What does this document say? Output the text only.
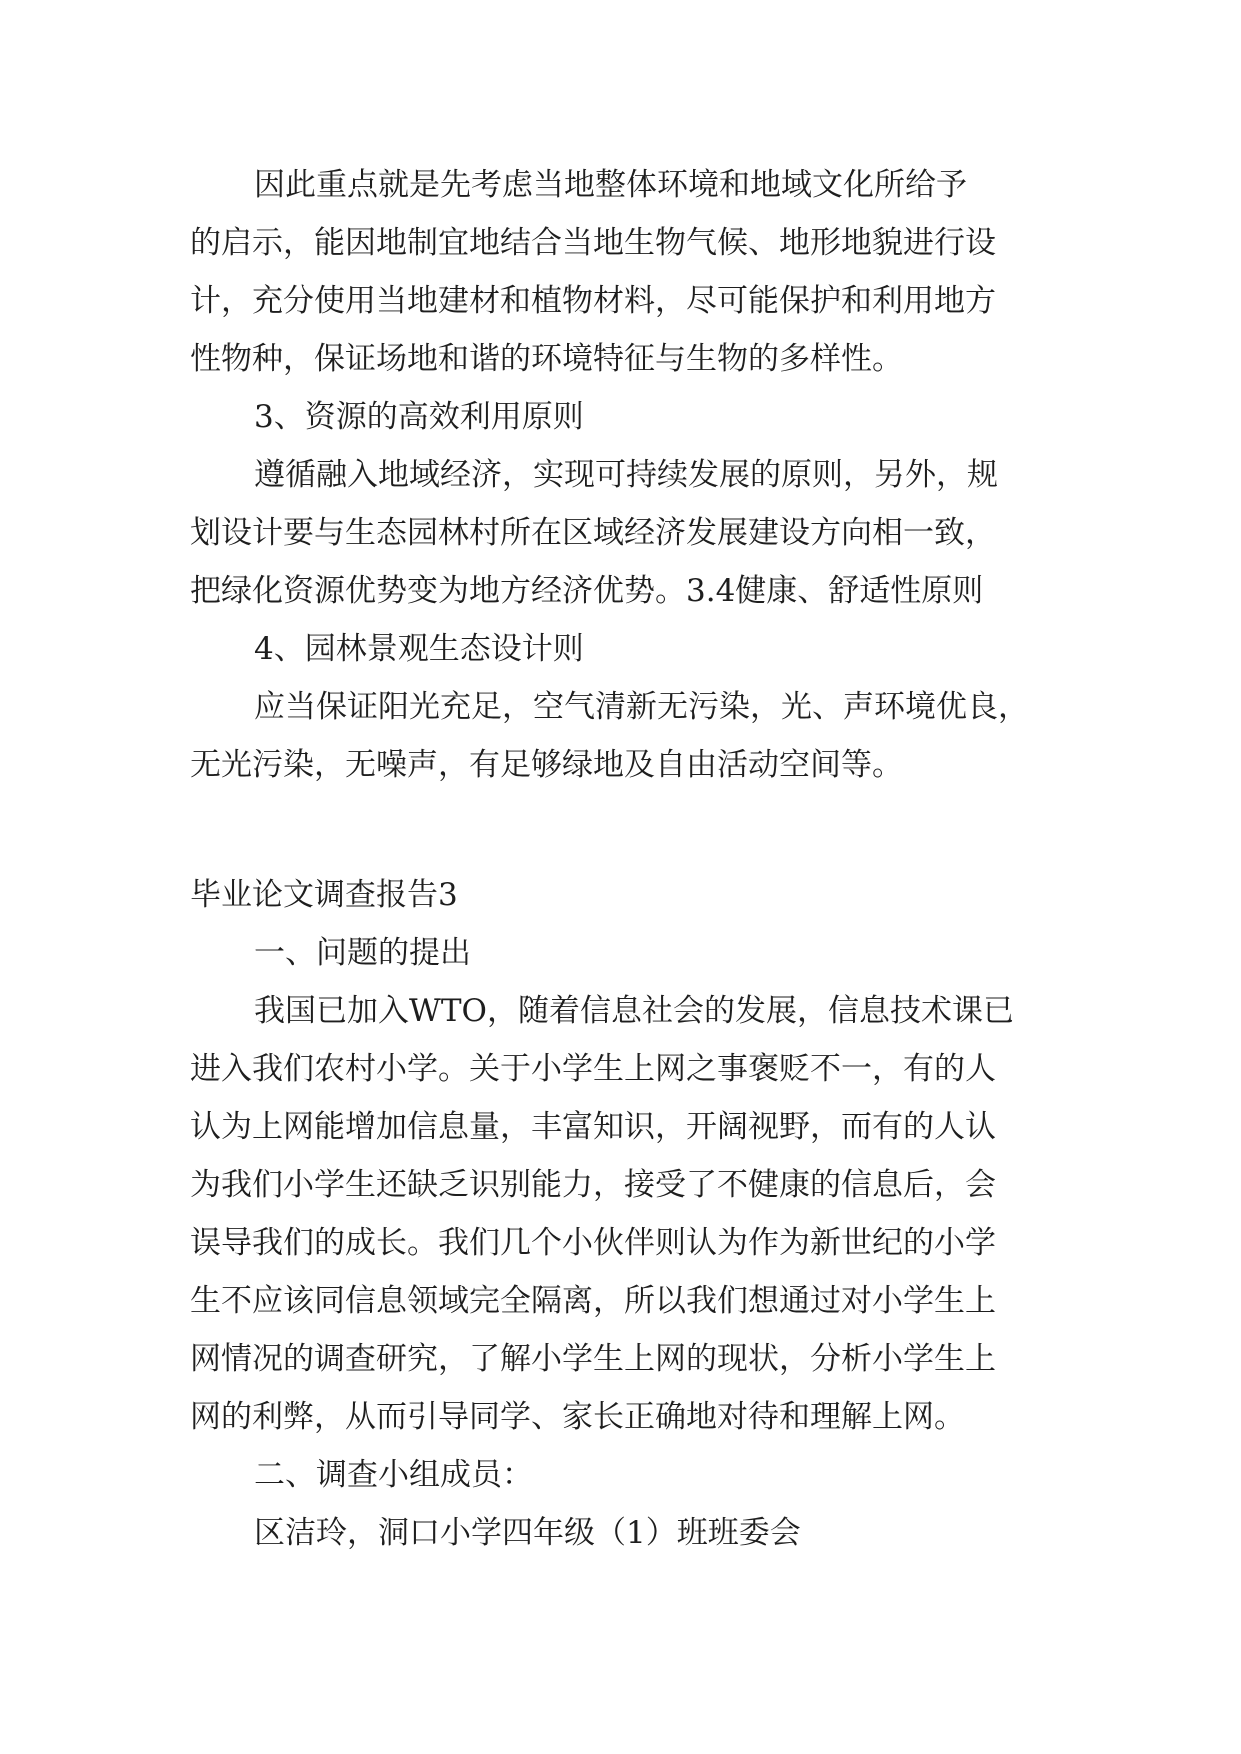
因此重点就是先考虑当地整体环境和地域文化所给予
的启示，能因地制宜地结合当地生物气候、地形地貌进行设
计，充分使用当地建材和植物材料，尽可能保护和利用地方
性物种，保证场地和谐的环境特征与生物的多样性。

3、资源的高效利用原则

遵循融入地域经济，实现可持续发展的原则，另外，规
划设计要与生态园林村所在区域经济发展建设方向相一致，
把绿化资源优势变为地方经济优势。3.4健康、舒适性原则

4、园林景观生态设计则

应当保证阳光充足，空气清新无污染，光、声环境优良，
无光污染，无噪声，有足够绿地及自由活动空间等。

毕业论文调查报告3

一、问题的提出

我国已加入WTO，随着信息社会的发展，信息技术课已
进入我们农村小学。关于小学生上网之事褒贬不一，有的人
认为上网能增加信息量，丰富知识，开阔视野，而有的人认
为我们小学生还缺乏识别能力，接受了不健康的信息后，会
误导我们的成长。我们几个小伙伴则认为作为新世纪的小学
生不应该同信息领域完全隔离，所以我们想通过对小学生上
网情况的调查研究，了解小学生上网的现状，分析小学生上
网的利弊，从而引导同学、家长正确地对待和理解上网。

二、调查小组成员：

区洁玲，洞口小学四年级（1）班班委会
